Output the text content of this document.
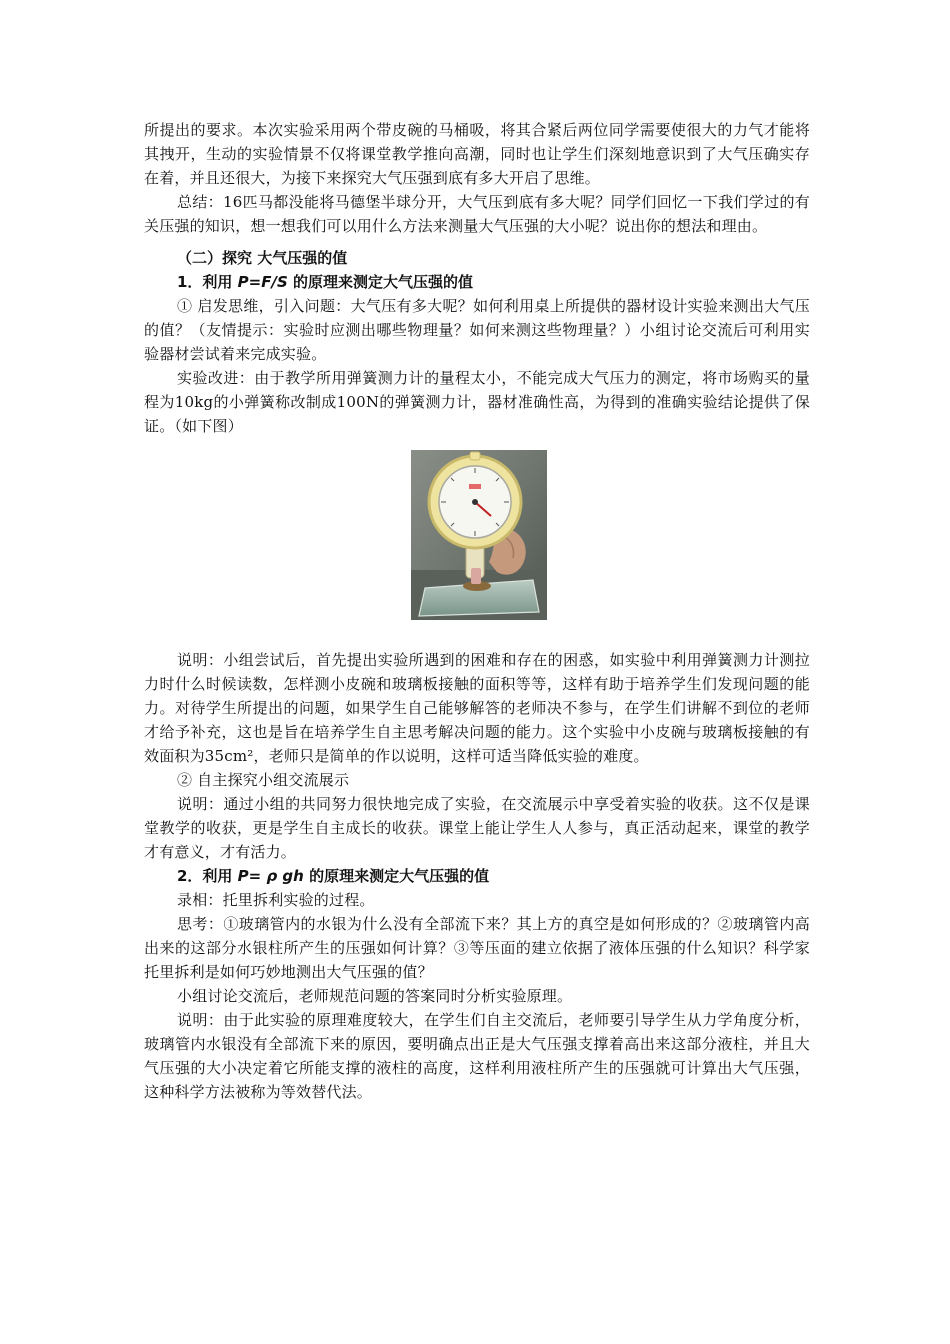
所提出的要求。本次实验采用两个带皮碗的马桶吸，将其合紧后两位同学需要使很大的力气才能将其拽开，生动的实验情景不仅将课堂教学推向高潮，同时也让学生们深刻地意识到了大气压确实存在着，并且还很大，为接下来探究大气压强到底有多大开启了思维。

总结：16匹马都没能将马德堡半球分开，大气压到底有多大呢？同学们回忆一下我们学过的有关压强的知识，想一想我们可以用什么方法来测量大气压强的大小呢？说出你的想法和理由。

（二）探究 大气压强的值

1．利用 P=F/S 的原理来测定大气压强的值

① 启发思维，引入问题：大气压有多大呢？如何利用桌上所提供的器材设计实验来测出大气压的值？（友情提示：实验时应测出哪些物理量？如何来测这些物理量？）小组讨论交流后可利用实验器材尝试着来完成实验。

实验改进：由于教学所用弹簧测力计的量程太小，不能完成大气压力的测定，将市场购买的量程为10kg的小弹簧称改制成100N的弹簧测力计，器材准确性高，为得到的准确实验结论提供了保证。（如下图）

说明：小组尝试后，首先提出实验所遇到的困难和存在的困惑，如实验中利用弹簧测力计测拉力时什么时候读数，怎样测小皮碗和玻璃板接触的面积等等，这样有助于培养学生们发现问题的能力。对待学生所提出的问题，如果学生自己能够解答的老师决不参与，在学生们讲解不到位的老师才给予补充，这也是旨在培养学生自主思考解决问题的能力。这个实验中小皮碗与玻璃板接触的有效面积为35cm²，老师只是简单的作以说明，这样可适当降低实验的难度。

② 自主探究小组交流展示

说明：通过小组的共同努力很快地完成了实验，在交流展示中享受着实验的收获。这不仅是课堂教学的收获，更是学生自主成长的收获。课堂上能让学生人人参与，真正活动起来，课堂的教学才有意义，才有活力。

2．利用 P= ρ gh 的原理来测定大气压强的值

录相：托里拆利实验的过程。

思考：①玻璃管内的水银为什么没有全部流下来？其上方的真空是如何形成的？②玻璃管内高出来的这部分水银柱所产生的压强如何计算？③等压面的建立依据了液体压强的什么知识？科学家托里拆利是如何巧妙地测出大气压强的值？

小组讨论交流后，老师规范问题的答案同时分析实验原理。

说明：由于此实验的原理难度较大，在学生们自主交流后，老师要引导学生从力学角度分析，玻璃管内水银没有全部流下来的原因，要明确点出正是大气压强支撑着高出来这部分液柱，并且大气压强的大小决定着它所能支撑的液柱的高度，这样利用液柱所产生的压强就可计算出大气压强，这种科学方法被称为等效替代法。
